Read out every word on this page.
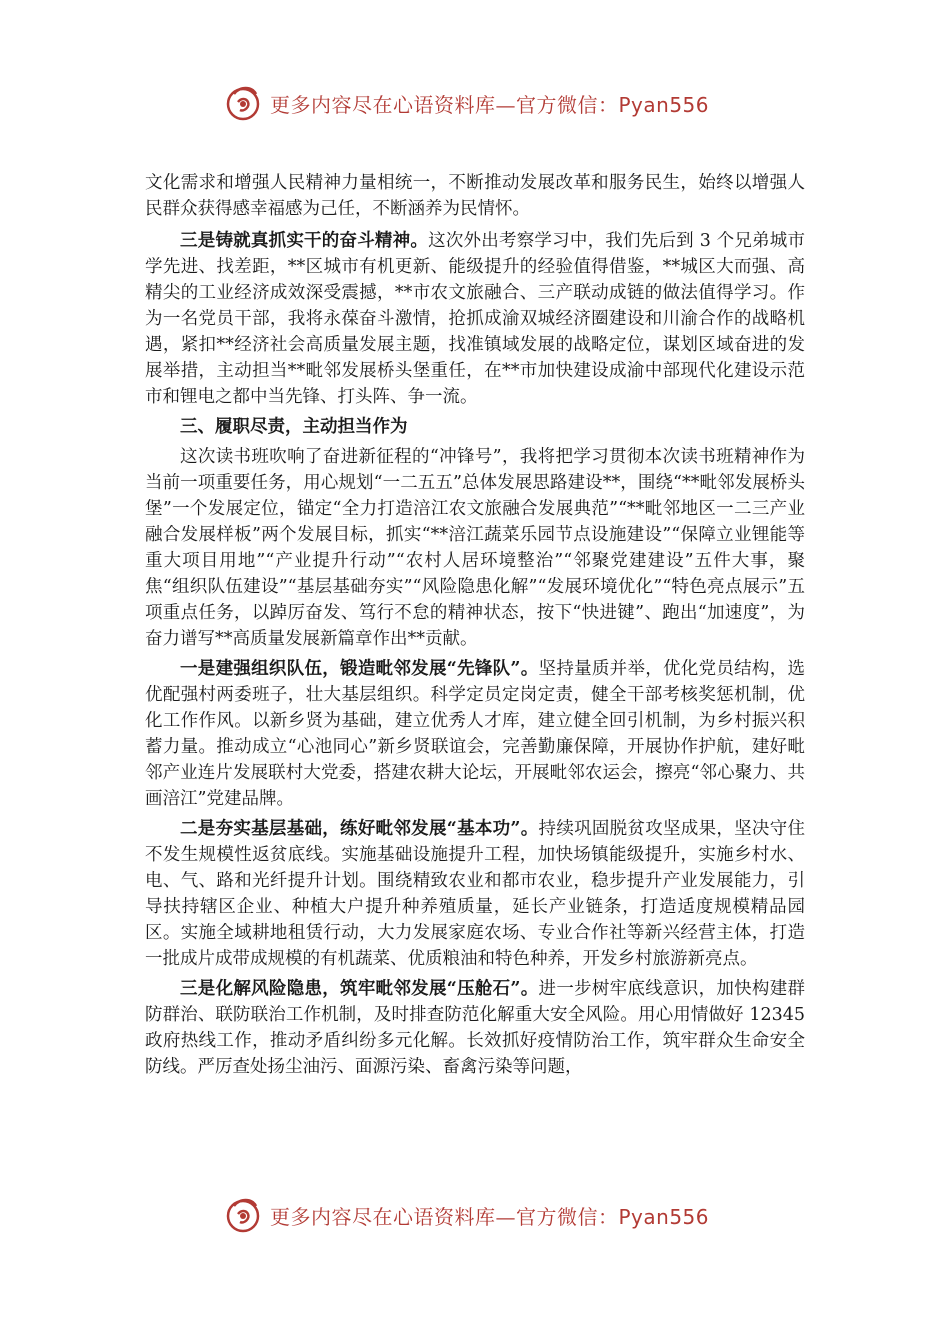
更多内容尽在心语资料库—官方微信：Pyan556

文化需求和增强人民精神力量相统一，不断推动发展改革和服务民生，始终以增强人民群众获得感幸福感为己任，不断涵养为民情怀。

三是铸就真抓实干的奋斗精神。这次外出考察学习中，我们先后到 3 个兄弟城市学先进、找差距，**区城市有机更新、能级提升的经验值得借鉴，**城区大而强、高精尖的工业经济成效深受震撼，**市农文旅融合、三产联动成链的做法值得学习。作为一名党员干部，我将永葆奋斗激情，抢抓成渝双城经济圈建设和川渝合作的战略机遇，紧扣**经济社会高质量发展主题，找准镇域发展的战略定位，谋划区域奋进的发展举措，主动担当**毗邻发展桥头堡重任，在**市加快建设成渝中部现代化建设示范市和锂电之都中当先锋、打头阵、争一流。

三、履职尽责，主动担当作为

这次读书班吹响了奋进新征程的“冲锋号”，我将把学习贯彻本次读书班精神作为当前一项重要任务，用心规划“一二五五”总体发展思路建设**，围绕“**毗邻发展桥头堡”一个发展定位，锚定“全力打造涪江农文旅融合发展典范”“**毗邻地区一二三产业融合发展样板”两个发展目标，抓实“**涪江蔬菜乐园节点设施建设”“保障立业锂能等重大项目用地”“产业提升行动”“农村人居环境整治”“邻聚党建建设”五件大事，聚焦“组织队伍建设”“基层基础夯实”“风险隐患化解”“发展环境优化”“特色亮点展示”五项重点任务，以踔厉奋发、笃行不怠的精神状态，按下“快进键”、跑出“加速度”，为奋力谱写**高质量发展新篇章作出**贡献。

一是建强组织队伍，锻造毗邻发展“先锋队”。坚持量质并举，优化党员结构，选优配强村两委班子，壮大基层组织。科学定员定岗定责，健全干部考核奖惩机制，优化工作作风。以新乡贤为基础，建立优秀人才库，建立健全回引机制，为乡村振兴积蓄力量。推动成立“心池同心”新乡贤联谊会，完善勤廉保障，开展协作护航，建好毗邻产业连片发展联村大党委，搭建农耕大论坛，开展毗邻农运会，擦亮“邻心聚力、共画涪江”党建品牌。

二是夯实基层基础，练好毗邻发展“基本功”。持续巩固脱贫攻坚成果，坚决守住不发生规模性返贫底线。实施基础设施提升工程，加快场镇能级提升，实施乡村水、电、气、路和光纤提升计划。围绕精致农业和都市农业，稳步提升产业发展能力，引导扶持辖区企业、种植大户提升种养殖质量，延长产业链条，打造适度规模精品园区。实施全域耕地租赁行动，大力发展家庭农场、专业合作社等新兴经营主体，打造一批成片成带成规模的有机蔬菜、优质粮油和特色种养，开发乡村旅游新亮点。

三是化解风险隐患，筑牢毗邻发展“压舱石”。进一步树牢底线意识，加快构建群防群治、联防联治工作机制，及时排查防范化解重大安全风险。用心用情做好 12345 政府热线工作，推动矛盾纠纷多元化解。长效抓好疫情防治工作，筑牢群众生命安全防线。严厉查处扬尘油污、面源污染、畜禽污染等问题，

更多内容尽在心语资料库—官方微信：Pyan556
